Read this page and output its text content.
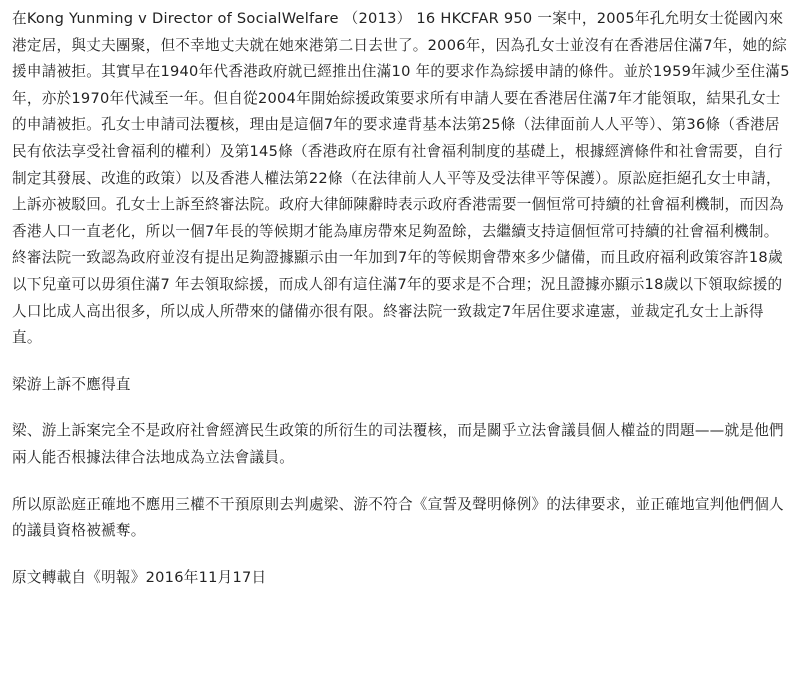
在Kong Yunming v Director of SocialWelfare （2013） 16 HKCFAR 950 一案中，2005年孔允明女士從國內來港定居，與丈夫團聚，但不幸地丈夫就在她來港第二日去世了。2006年，因為孔女士並沒有在香港居住滿7年，她的綜援申請被拒。其實早在1940年代香港政府就已經推出住滿10 年的要求作為綜援申請的條件。並於1959年減少至住滿5年，亦於1970年代減至一年。但自從2004年開始綜援政策要求所有申請人要在香港居住滿7年才能領取，結果孔女士的申請被拒。孔女士申請司法覆核，理由是這個7年的要求違背基本法第25條（法律面前人人平等）、第36條（香港居民有依法享受社會福利的權利）及第145條（香港政府在原有社會福利制度的基礎上，根據經濟條件和社會需要，自行制定其發展、改進的政策）以及香港人權法第22條（在法律前人人平等及受法律平等保護）。原訟庭拒絕孔女士申請，上訴亦被駁回。孔女士上訴至終審法院。政府大律師陳辭時表示政府香港需要一個恒常可持續的社會福利機制，而因為香港人口一直老化，所以一個7年長的等候期才能為庫房帶來足夠盈餘，去繼續支持這個恒常可持續的社會福利機制。終審法院一致認為政府並沒有提出足夠證據顯示由一年加到7年的等候期會帶來多少儲備，而且政府福利政策容許18歲以下兒童可以毋須住滿7 年去領取綜援，而成人卻有這住滿7年的要求是不合理；況且證據亦顯示18歲以下領取綜援的人口比成人高出很多，所以成人所帶來的儲備亦很有限。終審法院一致裁定7年居住要求違憲，並裁定孔女士上訴得直。

梁游上訴不應得直

梁、游上訴案完全不是政府社會經濟民生政策的所衍生的司法覆核，而是關乎立法會議員個人權益的問題——就是他們兩人能否根據法律合法地成為立法會議員。

所以原訟庭正確地不應用三權不干預原則去判處梁、游不符合《宣誓及聲明條例》的法律要求，並正確地宣判他們個人的議員資格被褫奪。

原文轉載自《明報》2016年11月17日
